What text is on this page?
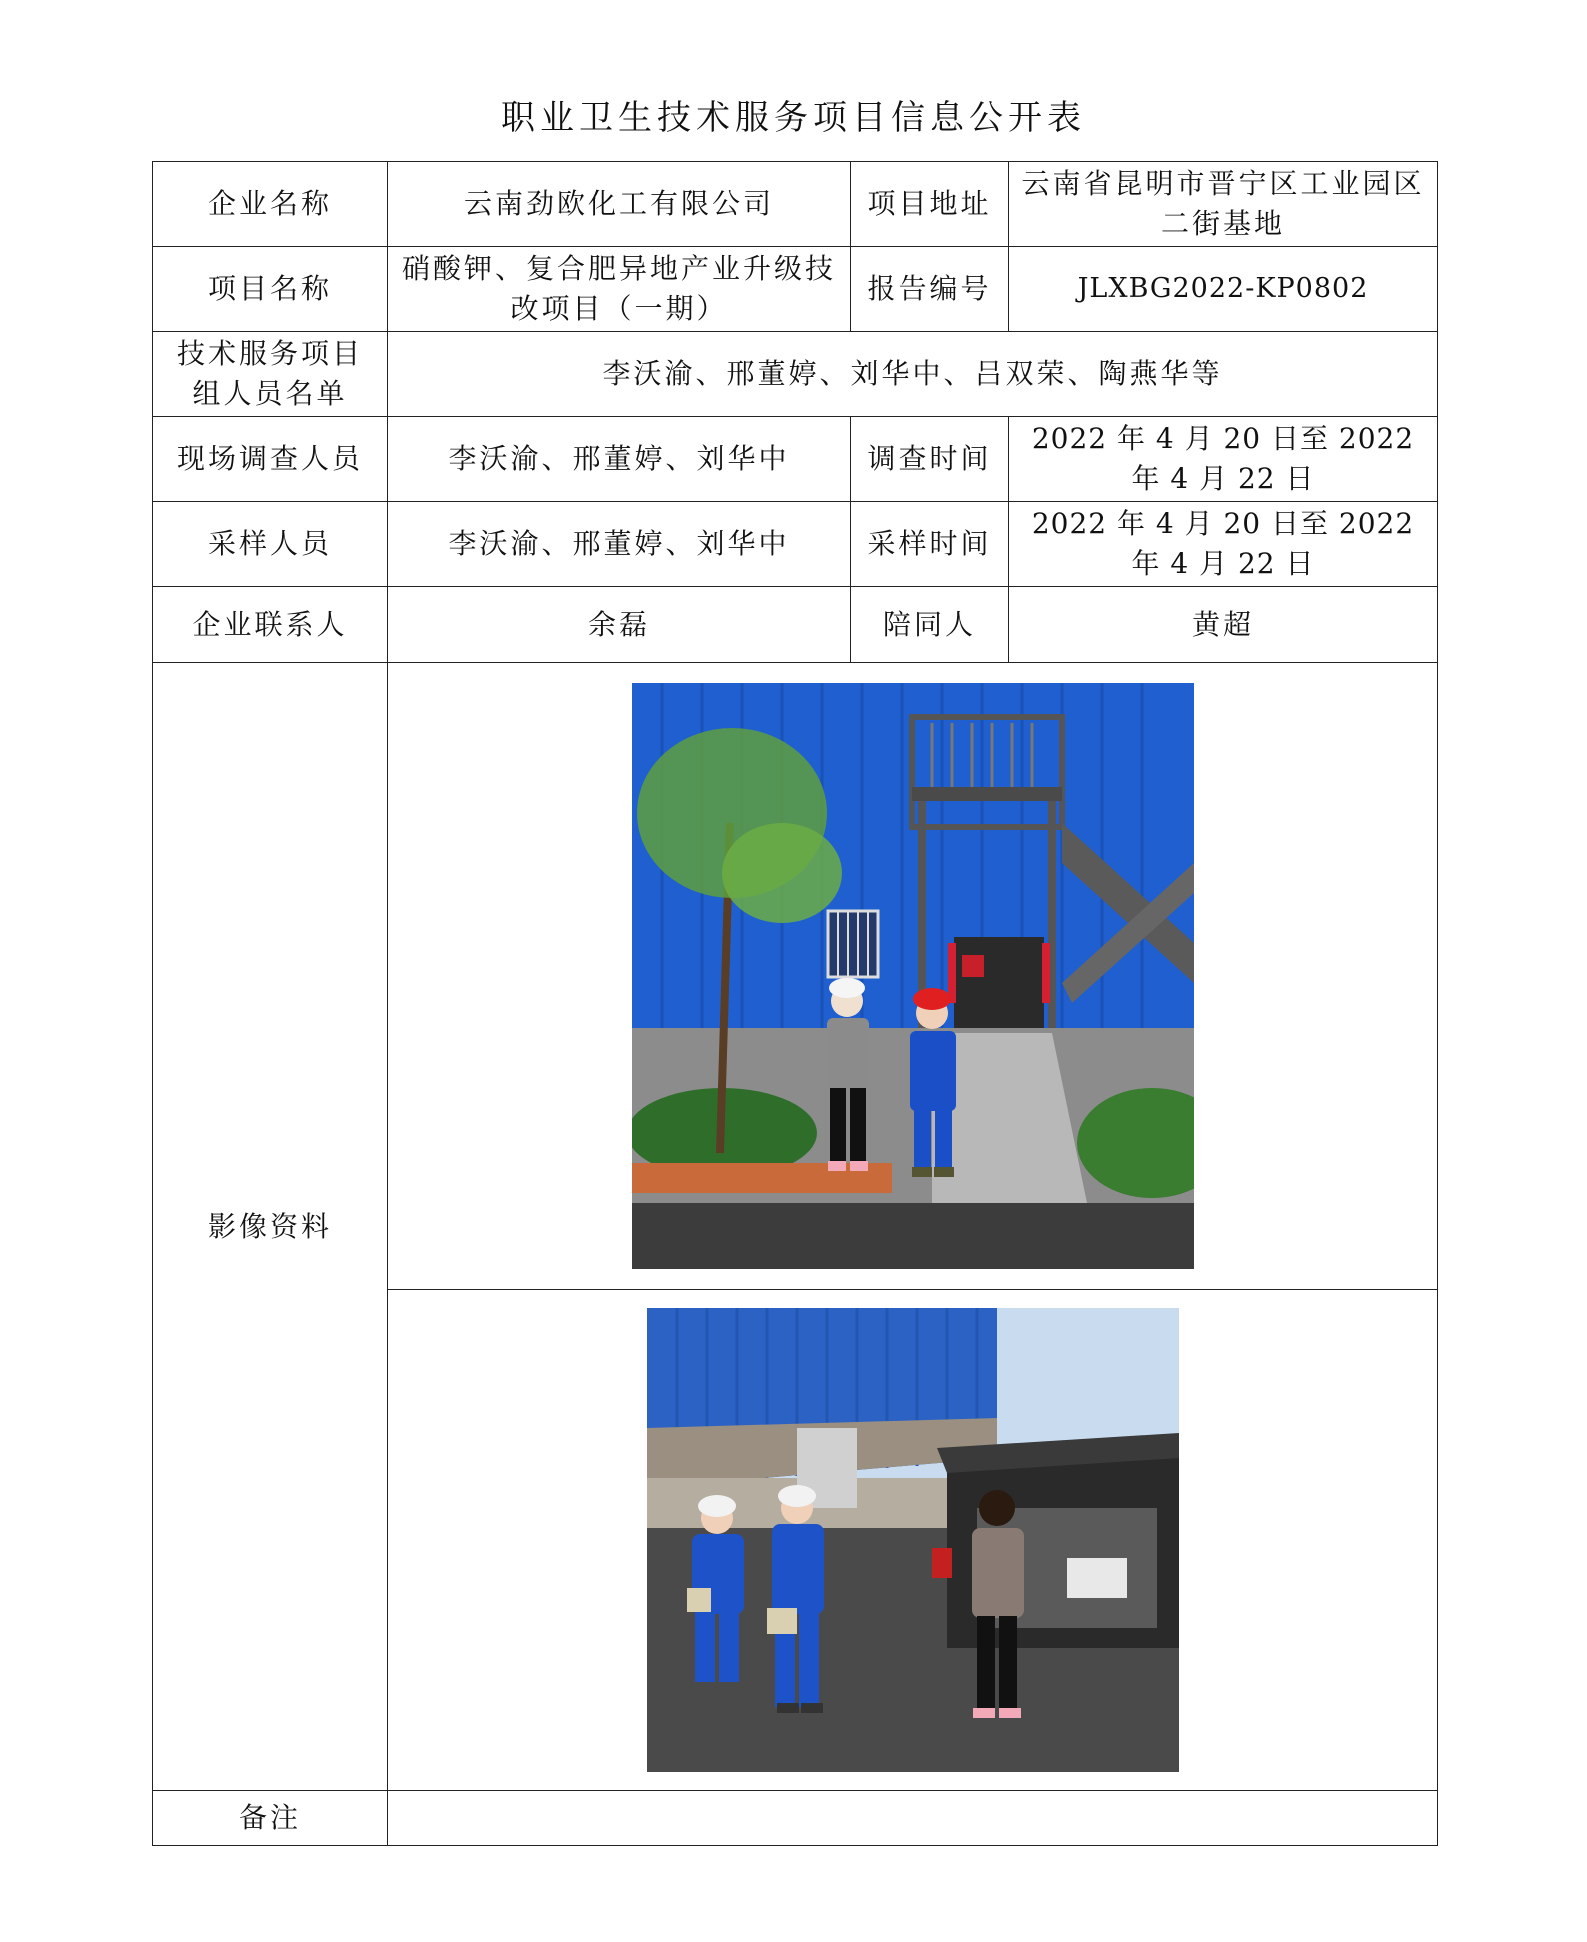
职业卫生技术服务项目信息公开表
企业名称	云南劲欧化工有限公司	项目地址	云南省昆明市晋宁区工业园区二街基地
项目名称	硝酸钾、复合肥异地产业升级技改项目（一期）	报告编号	JLXBG2022-KP0802
技术服务项目组人员名单	李沃渝、邢董婷、刘华中、吕双荣、陶燕华等		
现场调查人员	李沃渝、邢董婷、刘华中	调查时间	2022 年 4 月 20 日至 2022 年 4 月 22 日
采样人员	李沃渝、邢董婷、刘华中	采样时间	2022 年 4 月 20 日至 2022 年 4 月 22 日
企业联系人	余磊	陪同人	黄超
影像资料	

备注			
